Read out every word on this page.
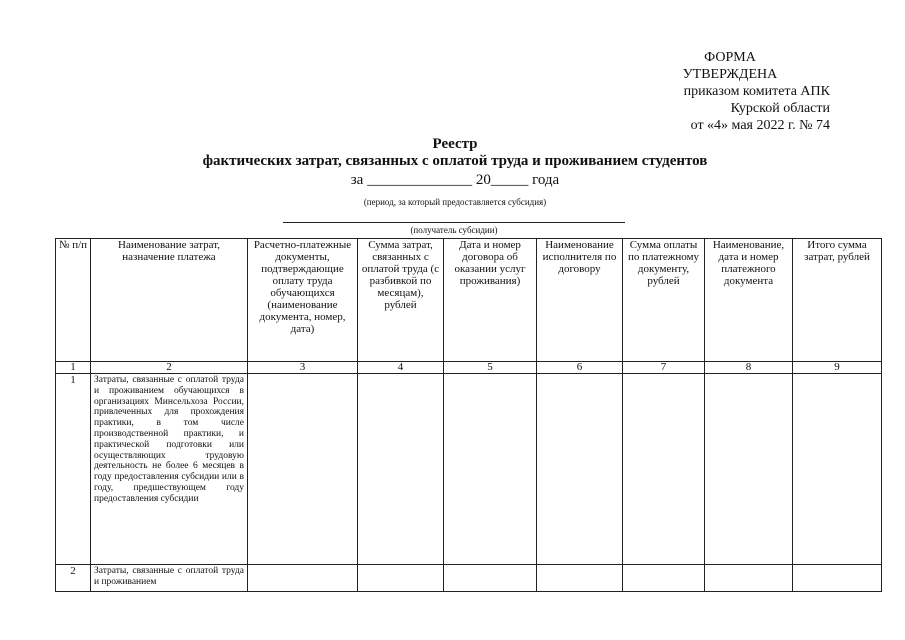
ФОРМА
УТВЕРЖДЕНА
приказом комитета АПК
Курской области
от «4» мая 2022 г. № 74
Реестр
фактических затрат, связанных с оплатой труда и проживанием студентов
за ______________ 20_____ года
(период, за который предоставляется субсидия)
(получатель субсидии)
№ п/п	Наименование затрат, назначение платежа	Расчетно-платежные документы, подтверждающие оплату труда обучающихся (наименование документа, номер, дата)	Сумма затрат, связанных с оплатой труда (с разбивкой по месяцам), рублей	Дата и номер договора об оказании услуг проживания)	Наименование исполнителя по договору	Сумма оплаты по платежному документу, рублей	Наименование, дата и номер платежного документа	Итого сумма затрат, рублей
1	2	3	4	5	6	7	8	9
1	Затраты, связанные с оплатой труда и проживанием обучающихся в организациях Минсельхоза России, привлеченных для прохождения практики, в том числе производственной практики, и практической подготовки или осуществляющих трудовую деятельность не более 6 месяцев в году предоставления субсидии или в году, предшествующем году предоставления субсидии							
2	Затраты, связанные с оплатой труда и проживанием							
